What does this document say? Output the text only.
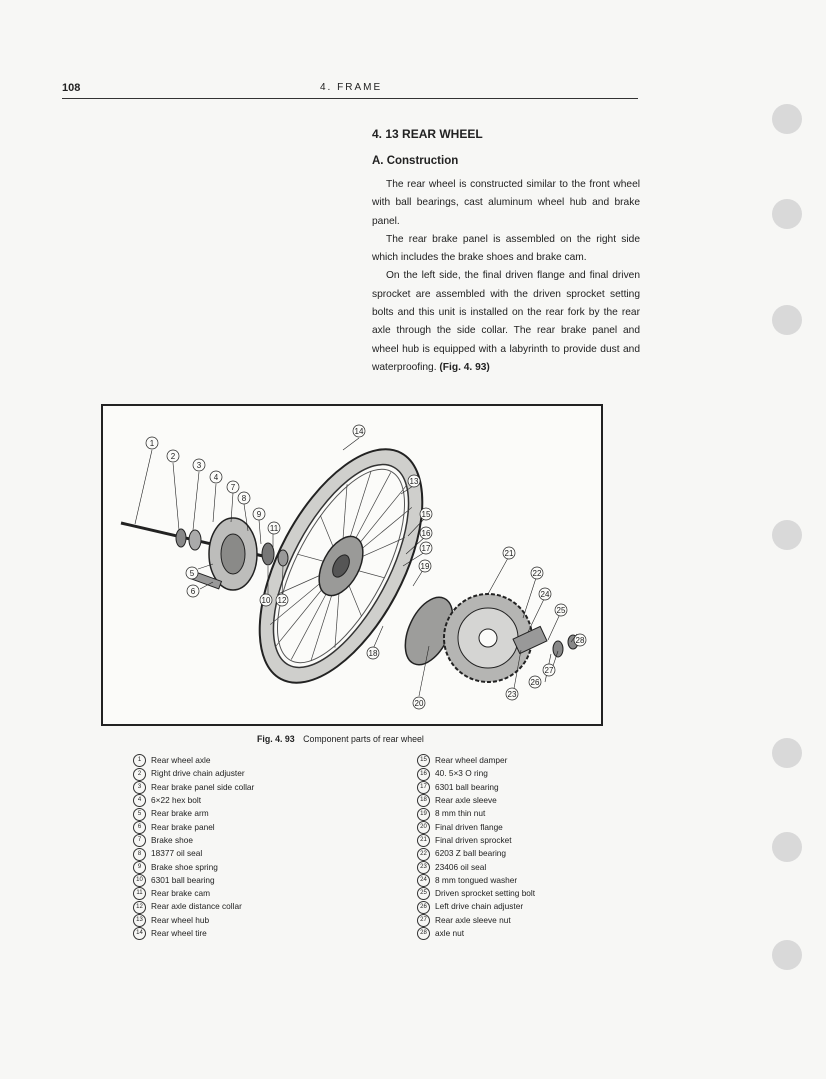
108	4. FRAME
4. 13 REAR WHEEL
A. Construction

The rear wheel is constructed similar to the front wheel with ball bearings, cast aluminum wheel hub and brake panel.

The rear brake panel is assembled on the right side which includes the brake shoes and brake cam.

On the left side, the final driven flange and final driven sprocket are assembled with the driven sprocket setting bolts and this unit is installed on the rear fork by the rear axle through the side collar. The rear brake panel and wheel hub is equipped with a labyrinth to provide dust and waterproofing. (Fig. 4. 93)

1
2
3
4
5
6
7
8
9
10
11
12
13
14
15
16
17
18
19
20
21
22
23
24
25
26
27
28
Fig. 4. 93 Component parts of rear wheel
1 Rear wheel axle
2 Right drive chain adjuster
3 Rear brake panel side collar
4 6×22 hex bolt
5 Rear brake arm
6 Rear brake panel
7 Brake shoe
8 18377 oil seal
9 Brake shoe spring
10 6301 ball bearing
11 Rear brake cam
12 Rear axle distance collar
13 Rear wheel hub
14 Rear wheel tire
15 Rear wheel damper
16 40. 5×3 O ring
17 6301 ball bearing
18 Rear axle sleeve
19 8 mm thin nut
20 Final driven flange
21 Final driven sprocket
22 6203 Z ball bearing
23 23406 oil seal
24 8 mm tongued washer
25 Driven sprocket setting bolt
26 Left drive chain adjuster
27 Rear axle sleeve nut
28 axle nut
